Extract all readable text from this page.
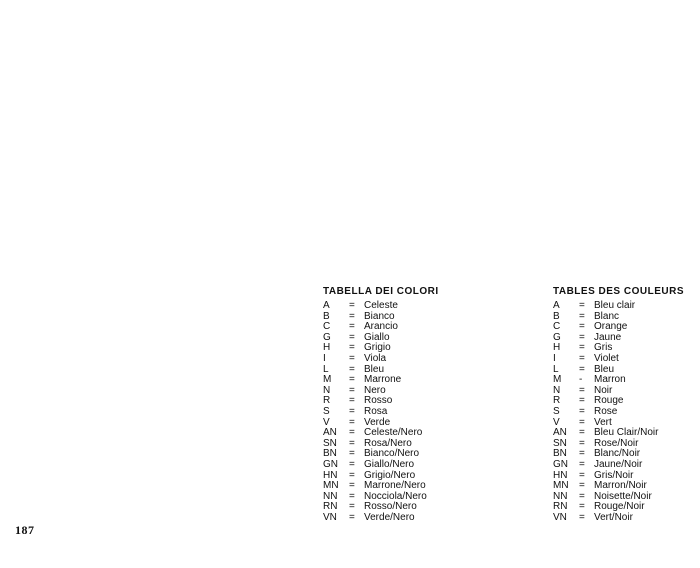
TABELLA DEI COLORI
A	= Celeste
B	= Bianco
C	= Arancio
G	= Giallo
H	= Grigio
I	= Viola
L	= Bleu
M	= Marrone
N	= Nero
R	= Rosso
S	= Rosa
V	= Verde
AN	= Celeste/Nero
SN	= Rosa/Nero
BN	= Bianco/Nero
GN	= Giallo/Nero
HN	= Grigio/Nero
MN	= Marrone/Nero
NN	= Nocciola/Nero
RN	= Rosso/Nero
VN	= Verde/Nero
TABLES DES COULEURS
A	= Bleu clair
B	= Blanc
C	= Orange
G	= Jaune
H	= Gris
I	= Violet
L	= Bleu
M	-	Marron
N	= Noir
R	= Rouge
S	= Rose
V	= Vert
AN	= Bleu Clair/Noir
SN	= Rose/Noir
BN	= Blanc/Noir
GN	= Jaune/Noir
HN	= Gris/Noir
MN	= Marron/Noir
NN	= Noisette/Noir
RN	= Rouge/Noir
VN	= Vert/Noir
187
